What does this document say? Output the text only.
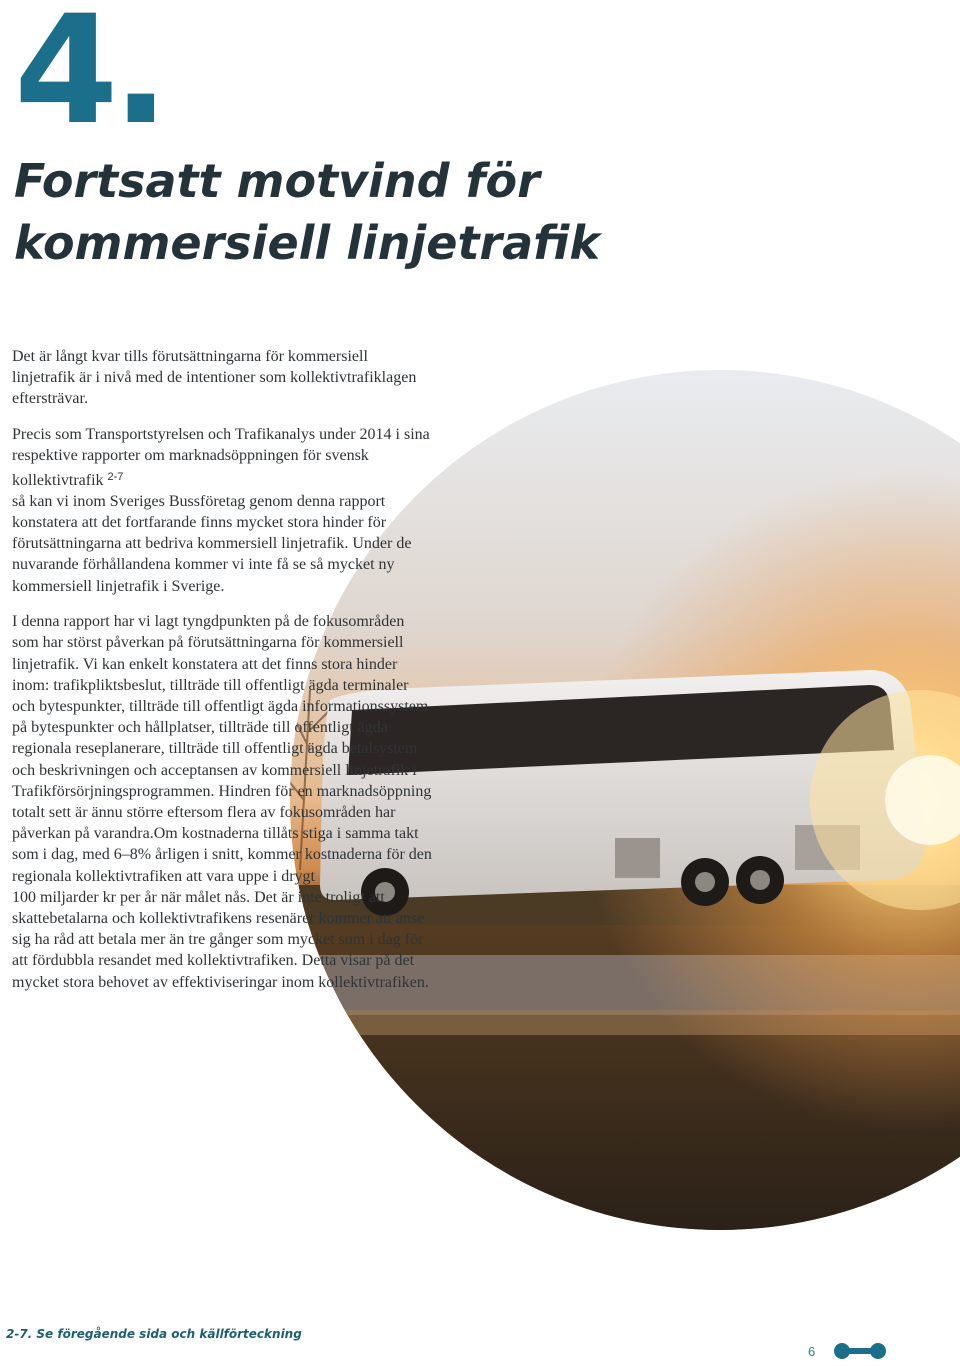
4.
Fortsatt motvind för kommersiell linjetrafik

Det är långt kvar tills förutsättningarna för kommersiell linjetrafik är i nivå med de intentioner som kollektivtrafiklagen eftersträvar.

Precis som Transportstyrelsen och Trafikanalys under 2014 i sina respektive rapporter om marknadsöppningen för svensk kollektivtrafik $^{2-7}$
så kan vi inom Sveriges Bussföretag genom denna rapport konstatera att det fortfarande finns mycket stora hinder för förutsättningarna att bedriva kommersiell linjetrafik. Under de nuvarande förhållandena kommer vi inte få se så mycket ny kommersiell linjetrafik i Sverige.

I denna rapport har vi lagt tyngdpunkten på de fokusområden som har störst påverkan på förutsättningarna för kommersiell linjetrafik. Vi kan enkelt konstatera att det finns stora hinder inom: trafikpliktsbeslut, tillträde till offentligt ägda terminaler och bytespunkter, tillträde till offentligt ägda informationssystem på bytespunkter och hållplatser, tillträde till offentligt ägda regionala reseplanerare, tillträde till offentligt ägda betalsystem och beskrivningen och acceptansen av kommersiell linjetrafik i Trafikförsörjningsprogrammen. Hindren för en marknadsöppning totalt sett är ännu större eftersom flera av fokusområden har påverkan på varandra.Om kostnaderna tillåts stiga i samma takt som i dag, med 6–8% årligen i snitt, kommer kostnaderna för den regionala kollektivtrafiken att vara uppe i drygt
100 miljarder kr per år när målet nås. Det är inte troligt att skattebetalarna och kollektivtrafikens resenärer kommer att anse sig ha råd att betala mer än tre gånger som mycket som i dag för att fördubbla resandet med kollektivtrafiken. Detta visar på det mycket stora behovet av effektiviseringar inom kollektivtrafiken.

2-7. Se föregående sida och källförteckning
6
